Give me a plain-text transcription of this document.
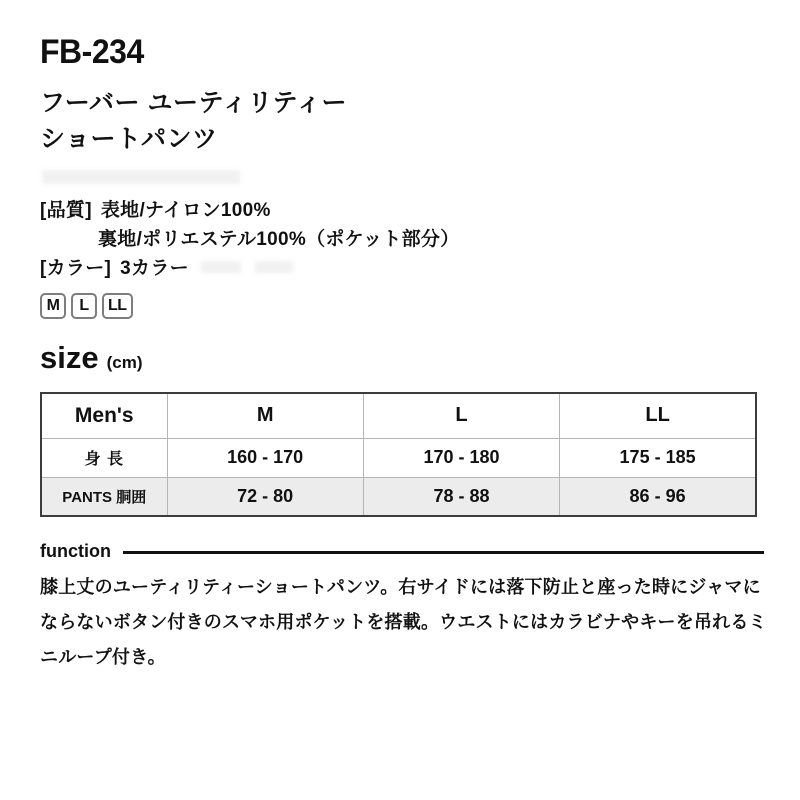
FB-234
フーバー ユーティリティー
ショートパンツ
[品質] 表地/ナイロン100%
裏地/ポリエステル100%（ポケット部分）
[カラー] 3カラー
M	L	LL
size (cm)
Men's	M	L	LL
身 長	160 - 170	170 - 180	175 - 185
PANTS 胴囲	72 - 80	78 - 88	86 - 96
function
膝上丈のユーティリティーショートパンツ。右サイドには落下防止と座った時にジャマにならないボタン付きのスマホ用ポケットを搭載。ウエストにはカラビナやキーを吊れるミニループ付き。
